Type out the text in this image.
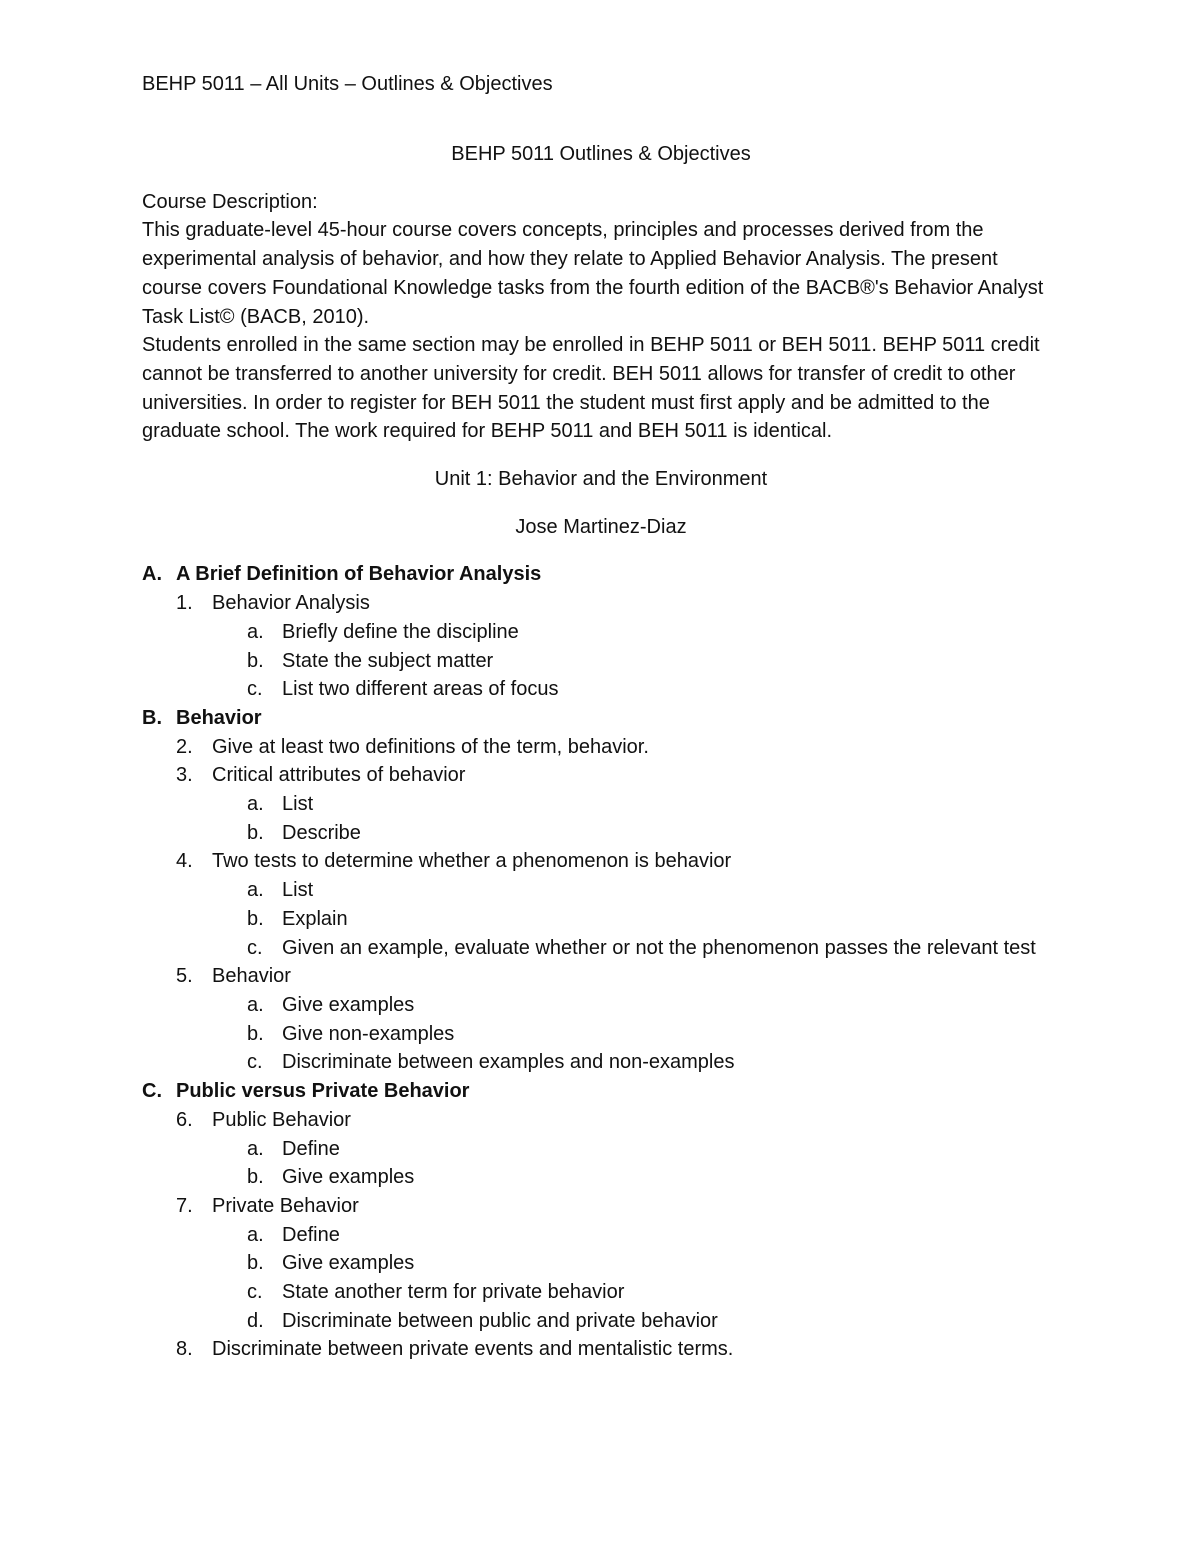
BEHP 5011 – All Units – Outlines & Objectives

BEHP 5011 Outlines & Objectives

Course Description:

This graduate-level 45-hour course covers concepts, principles and processes derived from the experimental analysis of behavior, and how they relate to Applied Behavior Analysis. The present course covers Foundational Knowledge tasks from the fourth edition of the BACB®'s Behavior Analyst Task List© (BACB, 2010).

Students enrolled in the same section may be enrolled in BEHP 5011 or BEH 5011. BEHP 5011 credit cannot be transferred to another university for credit. BEH 5011 allows for transfer of credit to other universities. In order to register for BEH 5011 the student must first apply and be admitted to the graduate school. The work required for BEHP 5011 and BEH 5011 is identical.

Unit 1: Behavior and the Environment

Jose Martinez-Diaz

A. A Brief Definition of Behavior Analysis
1. Behavior Analysis
a. Briefly define the discipline
b. State the subject matter
c. List two different areas of focus
B. Behavior
2. Give at least two definitions of the term, behavior.
3. Critical attributes of behavior
a. List
b. Describe
4. Two tests to determine whether a phenomenon is behavior
a. List
b. Explain
c. Given an example, evaluate whether or not the phenomenon passes the relevant test
5. Behavior
a. Give examples
b. Give non-examples
c. Discriminate between examples and non-examples
C. Public versus Private Behavior
6. Public Behavior
a. Define
b. Give examples
7. Private Behavior
a. Define
b. Give examples
c. State another term for private behavior
d. Discriminate between public and private behavior
8. Discriminate between private events and mentalistic terms.
